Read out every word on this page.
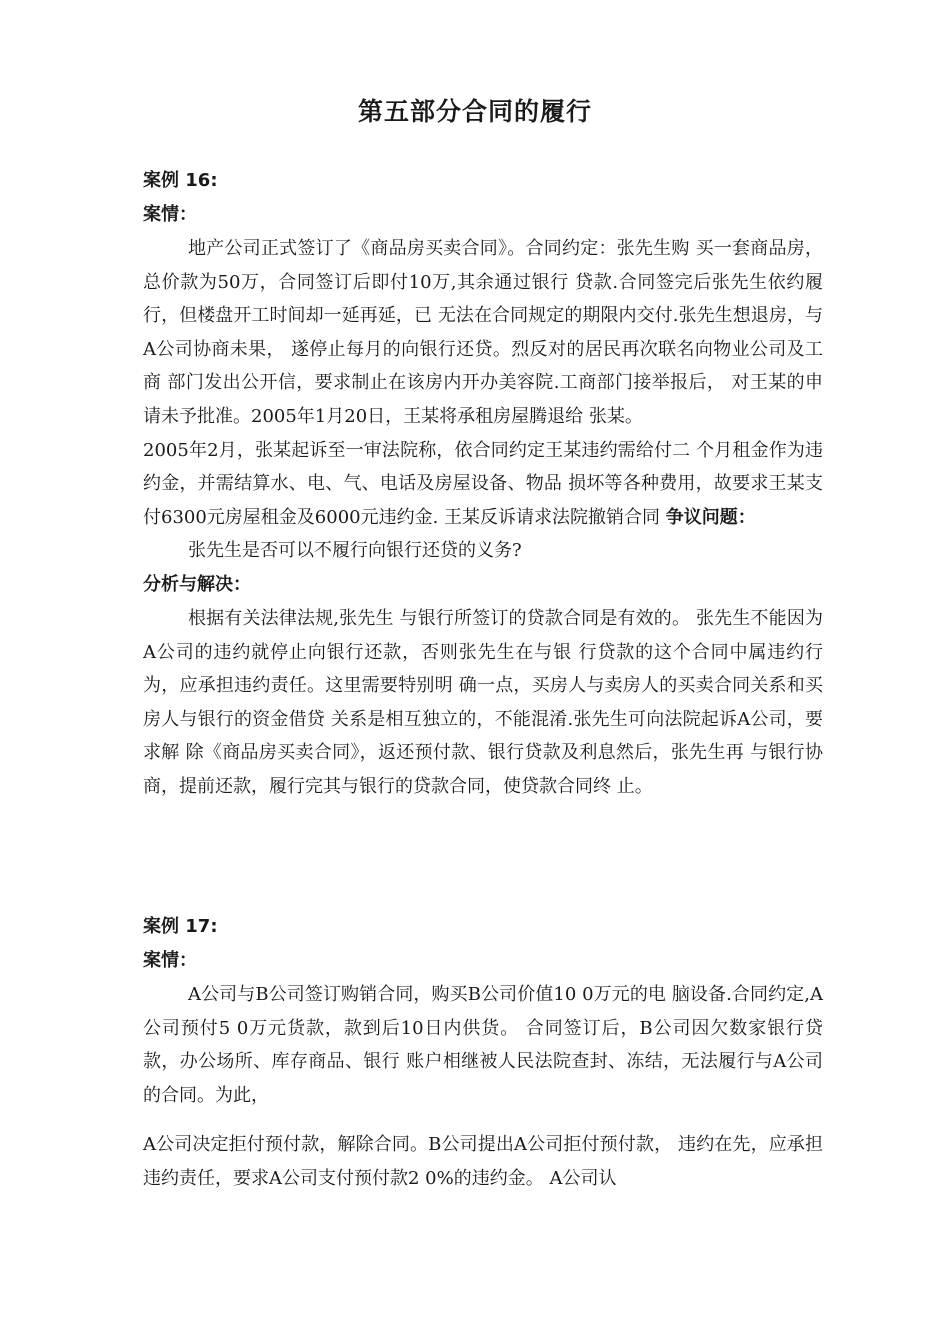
第五部分合同的履行
案例 16:
案情：
地产公司正式签订了《商品房买卖合同》。合同约定：张先生购 买一套商品房，总价款为50万，合同签订后即付10万,其余通过银行 贷款.合同签完后张先生依约履行，但楼盘开工时间却一延再延，已 无法在合同规定的期限内交付.张先生想退房，与A公司协商未果， 遂停止每月的向银行还贷。烈反对的居民再次联名向物业公司及工商 部门发出公开信，要求制止在该房内开办美容院.工商部门接举报后， 对王某的申请未予批准。2005年1月20日，王某将承租房屋腾退给 张某。
2005年2月，张某起诉至一审法院称，依合同约定王某违约需给付二 个月租金作为违约金，并需结算水、电、气、电话及房屋设备、物品 损坏等各种费用，故要求王某支付6300元房屋租金及6000元违约金. 王某反诉请求法院撤销合同 争议问题：
张先生是否可以不履行向银行还贷的义务?
分析与解决：
根据有关法律法规,张先生 与银行所签订的贷款合同是有效的。 张先生不能因为A公司的违约就停止向银行还款，否则张先生在与银 行贷款的这个合同中属违约行为，应承担违约责任。这里需要特别明 确一点，买房人与卖房人的买卖合同关系和买房人与银行的资金借贷 关系是相互独立的，不能混淆.张先生可向法院起诉A公司，要求解 除《商品房买卖合同》，返还预付款、银行贷款及利息然后，张先生再 与银行协商，提前还款，履行完其与银行的贷款合同，使贷款合同终 止。
案例 17:
案情：
A公司与B公司签订购销合同，购买B公司价值10 0万元的电 脑设备.合同约定,A公司预付5 0万元货款，款到后10日内供货。 合同签订后，B公司因欠数家银行贷款，办公场所、库存商品、银行 账户相继被人民法院查封、冻结，无法履行与A公司的合同。为此，
A公司决定拒付预付款，解除合同。B公司提出A公司拒付预付款， 违约在先，应承担违约责任，要求A公司支付预付款2 0%的违约金。 A公司认
